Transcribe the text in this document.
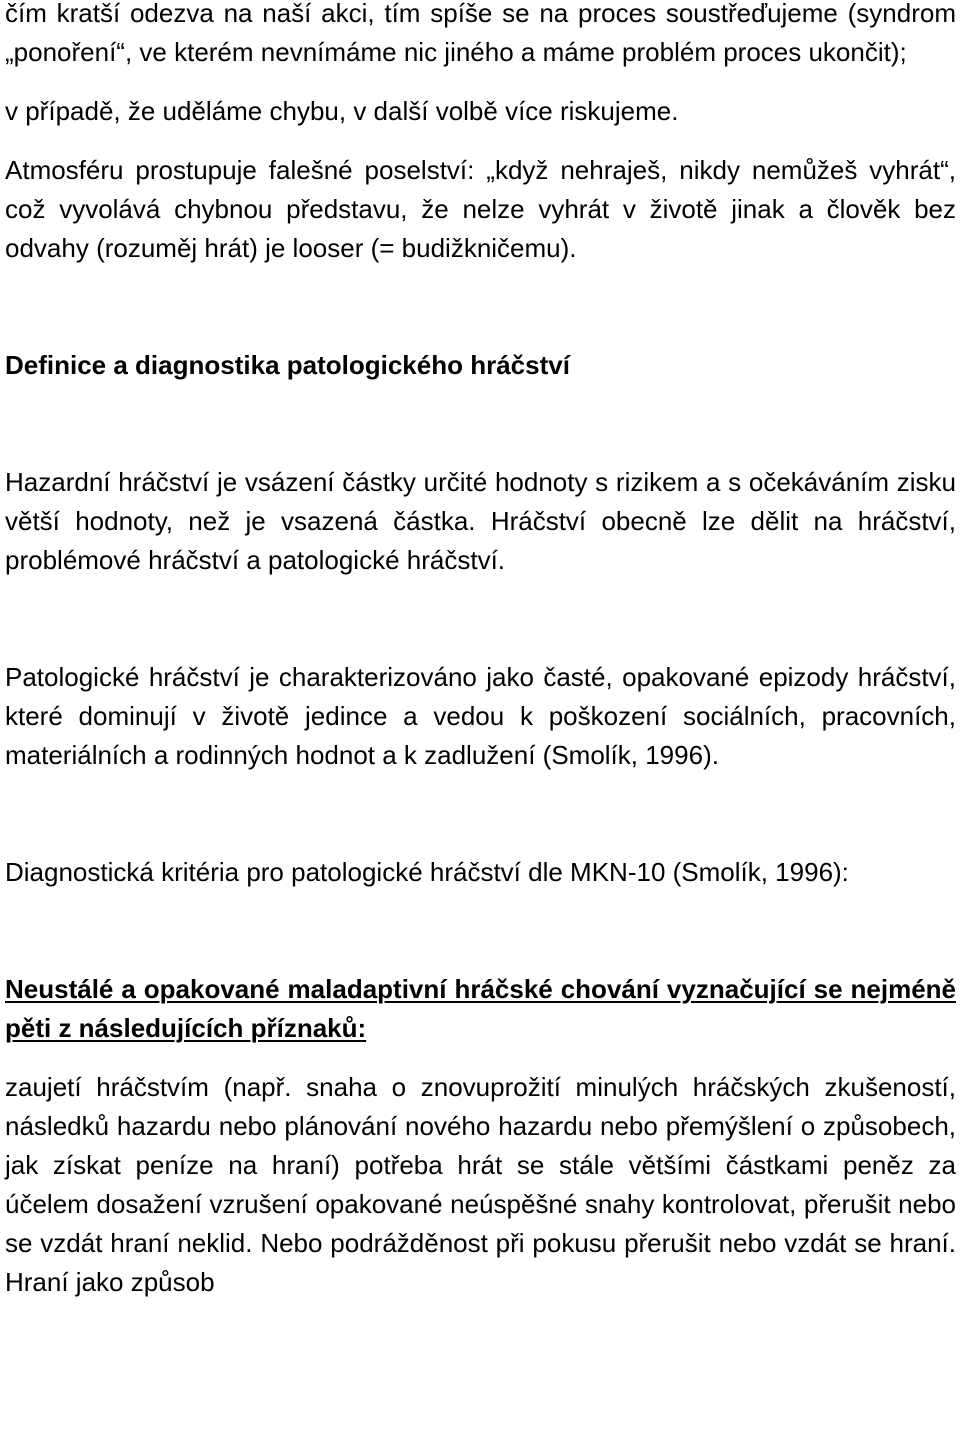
čím kratší odezva na naší akci, tím spíše se na proces soustřeďujeme (syndrom „ponoření“, ve kterém nevnímáme nic jiného a máme problém proces ukončit);

v případě, že uděláme chybu, v další volbě více riskujeme.

Atmosféru prostupuje falešné poselství: „když nehraješ, nikdy nemůžeš vyhrát“, což vyvolává chybnou představu, že nelze vyhrát v životě jinak a člověk bez odvahy (rozuměj hrát) je looser (= budižkničemu).

Definice a diagnostika patologického hráčství

Hazardní hráčství je vsázení částky určité hodnoty s rizikem a s očekáváním zisku větší hodnoty, než je vsazená částka. Hráčství obecně lze dělit na hráčství, problémové hráčství a patologické hráčství.

Patologické hráčství je charakterizováno jako časté, opakované epizody hráčství, které dominují v životě jedince a vedou k poškození sociálních, pracovních, materiálních a rodinných hodnot a k zadlužení (Smolík, 1996).

Diagnostická kritéria pro patologické hráčství dle MKN-10 (Smolík, 1996):

Neustálé a opakované maladaptivní hráčské chování vyznačující se nejméně pěti z následujících příznaků:

zaujetí hráčstvím (např. snaha o znovuprožití minulých hráčských zkušeností, následků hazardu nebo plánování nového hazardu nebo přemýšlení o způsobech, jak získat peníze na hraní) potřeba hrát se stále většími částkami peněz za účelem dosažení vzrušení opakované neúspěšné snahy kontrolovat, přerušit nebo se vzdát hraní neklid. Nebo podrážděnost při pokusu přerušit nebo vzdát se hraní. Hraní jako způsob
